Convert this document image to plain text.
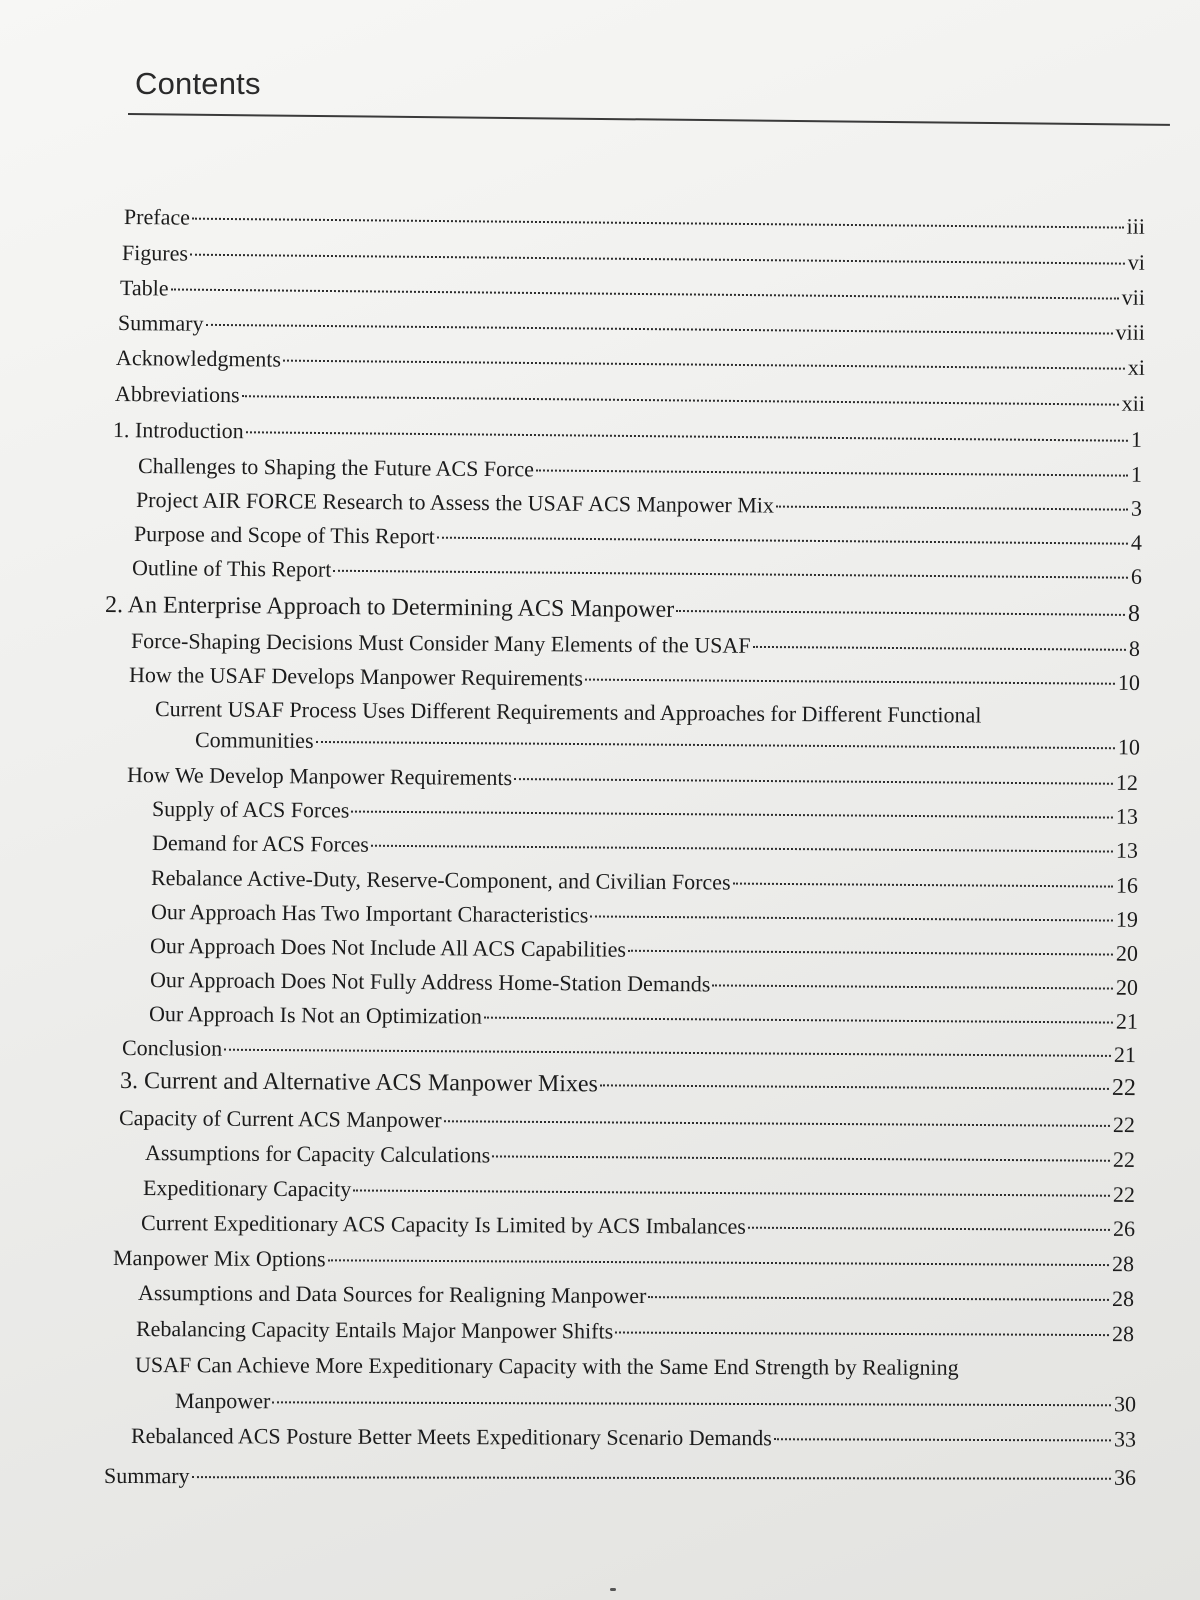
Contents
Preface	iii
Figures	vi
Table	vii
Summary	viii
Acknowledgments	xi
Abbreviations	xii
1. Introduction	1
Challenges to Shaping the Future ACS Force	1
Project AIR FORCE Research to Assess the USAF ACS Manpower Mix	3
Purpose and Scope of This Report	4
Outline of This Report	6
2. An Enterprise Approach to Determining ACS Manpower	8
Force-Shaping Decisions Must Consider Many Elements of the USAF	8
How the USAF Develops Manpower Requirements	10
Current USAF Process Uses Different Requirements and Approaches for Different Functional
Communities	10
How We Develop Manpower Requirements	12
Supply of ACS Forces	13
Demand for ACS Forces	13
Rebalance Active-Duty, Reserve-Component, and Civilian Forces	16
Our Approach Has Two Important Characteristics	19
Our Approach Does Not Include All ACS Capabilities	20
Our Approach Does Not Fully Address Home-Station Demands	20
Our Approach Is Not an Optimization	21
Conclusion	21
3. Current and Alternative ACS Manpower Mixes	22
Capacity of Current ACS Manpower	22
Assumptions for Capacity Calculations	22
Expeditionary Capacity	22
Current Expeditionary ACS Capacity Is Limited by ACS Imbalances	26
Manpower Mix Options	28
Assumptions and Data Sources for Realigning Manpower	28
Rebalancing Capacity Entails Major Manpower Shifts	28
USAF Can Achieve More Expeditionary Capacity with the Same End Strength by Realigning
Manpower	30
Rebalanced ACS Posture Better Meets Expeditionary Scenario Demands	33
Summary	36
